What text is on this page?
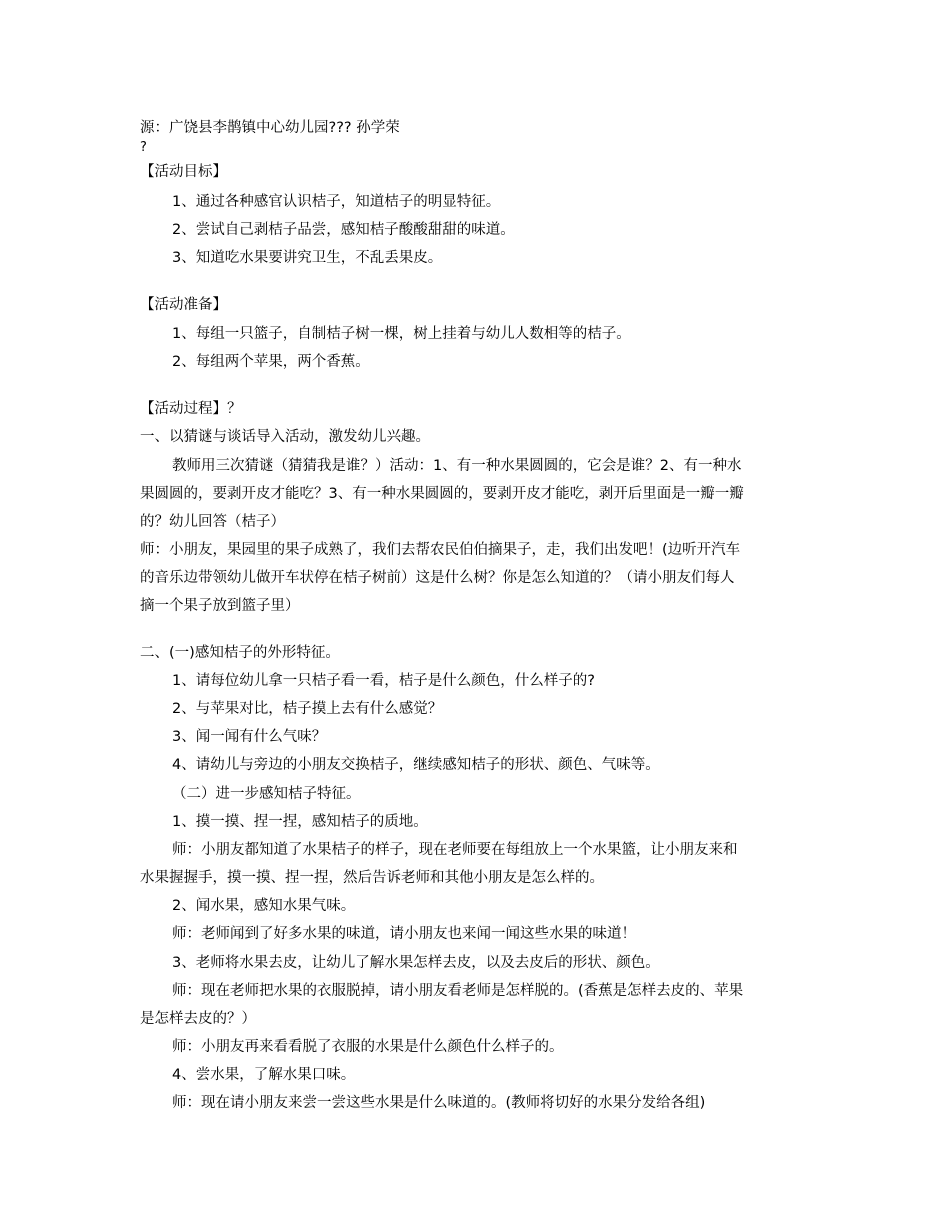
源：广饶县李鹊镇中心幼儿园??? 孙学荣
?
【活动目标】
1、通过各种感官认识桔子，知道桔子的明显特征。
2、尝试自己剥桔子品尝，感知桔子酸酸甜甜的味道。
3、知道吃水果要讲究卫生，不乱丢果皮。
【活动准备】
1、每组一只篮子，自制桔子树一棵，树上挂着与幼儿人数相等的桔子。
2、每组两个苹果，两个香蕉。
【活动过程】？
一、以猜谜与谈话导入活动，激发幼儿兴趣。
教师用三次猜谜（猜猜我是谁？）活动：1、有一种水果圆圆的，它会是谁？2、有一种水
果圆圆的，要剥开皮才能吃？3、有一种水果圆圆的，要剥开皮才能吃，剥开后里面是一瓣一瓣
的？幼儿回答（桔子）
师：小朋友，果园里的果子成熟了，我们去帮农民伯伯摘果子，走，我们出发吧！(边听开汽车
的音乐边带领幼儿做开车状停在桔子树前）这是什么树？你是怎么知道的？（请小朋友们每人
摘一个果子放到篮子里）
二、(一)感知桔子的外形特征。
1、请每位幼儿拿一只桔子看一看，桔子是什么颜色，什么样子的?
2、与苹果对比，桔子摸上去有什么感觉？
3、闻一闻有什么气味？
4、请幼儿与旁边的小朋友交换桔子，继续感知桔子的形状、颜色、气味等。
（二）进一步感知桔子特征。
1、摸一摸、捏一捏，感知桔子的质地。
师：小朋友都知道了水果桔子的样子，现在老师要在每组放上一个水果篮，让小朋友来和
水果握握手，摸一摸、捏一捏，然后告诉老师和其他小朋友是怎么样的。
2、闻水果，感知水果气味。
师：老师闻到了好多水果的味道，请小朋友也来闻一闻这些水果的味道！
3、老师将水果去皮，让幼儿了解水果怎样去皮，以及去皮后的形状、颜色。
师：现在老师把水果的衣服脱掉，请小朋友看老师是怎样脱的。(香蕉是怎样去皮的、苹果
是怎样去皮的？）
师：小朋友再来看看脱了衣服的水果是什么颜色什么样子的。
4、尝水果，了解水果口味。
师：现在请小朋友来尝一尝这些水果是什么味道的。(教师将切好的水果分发给各组)
